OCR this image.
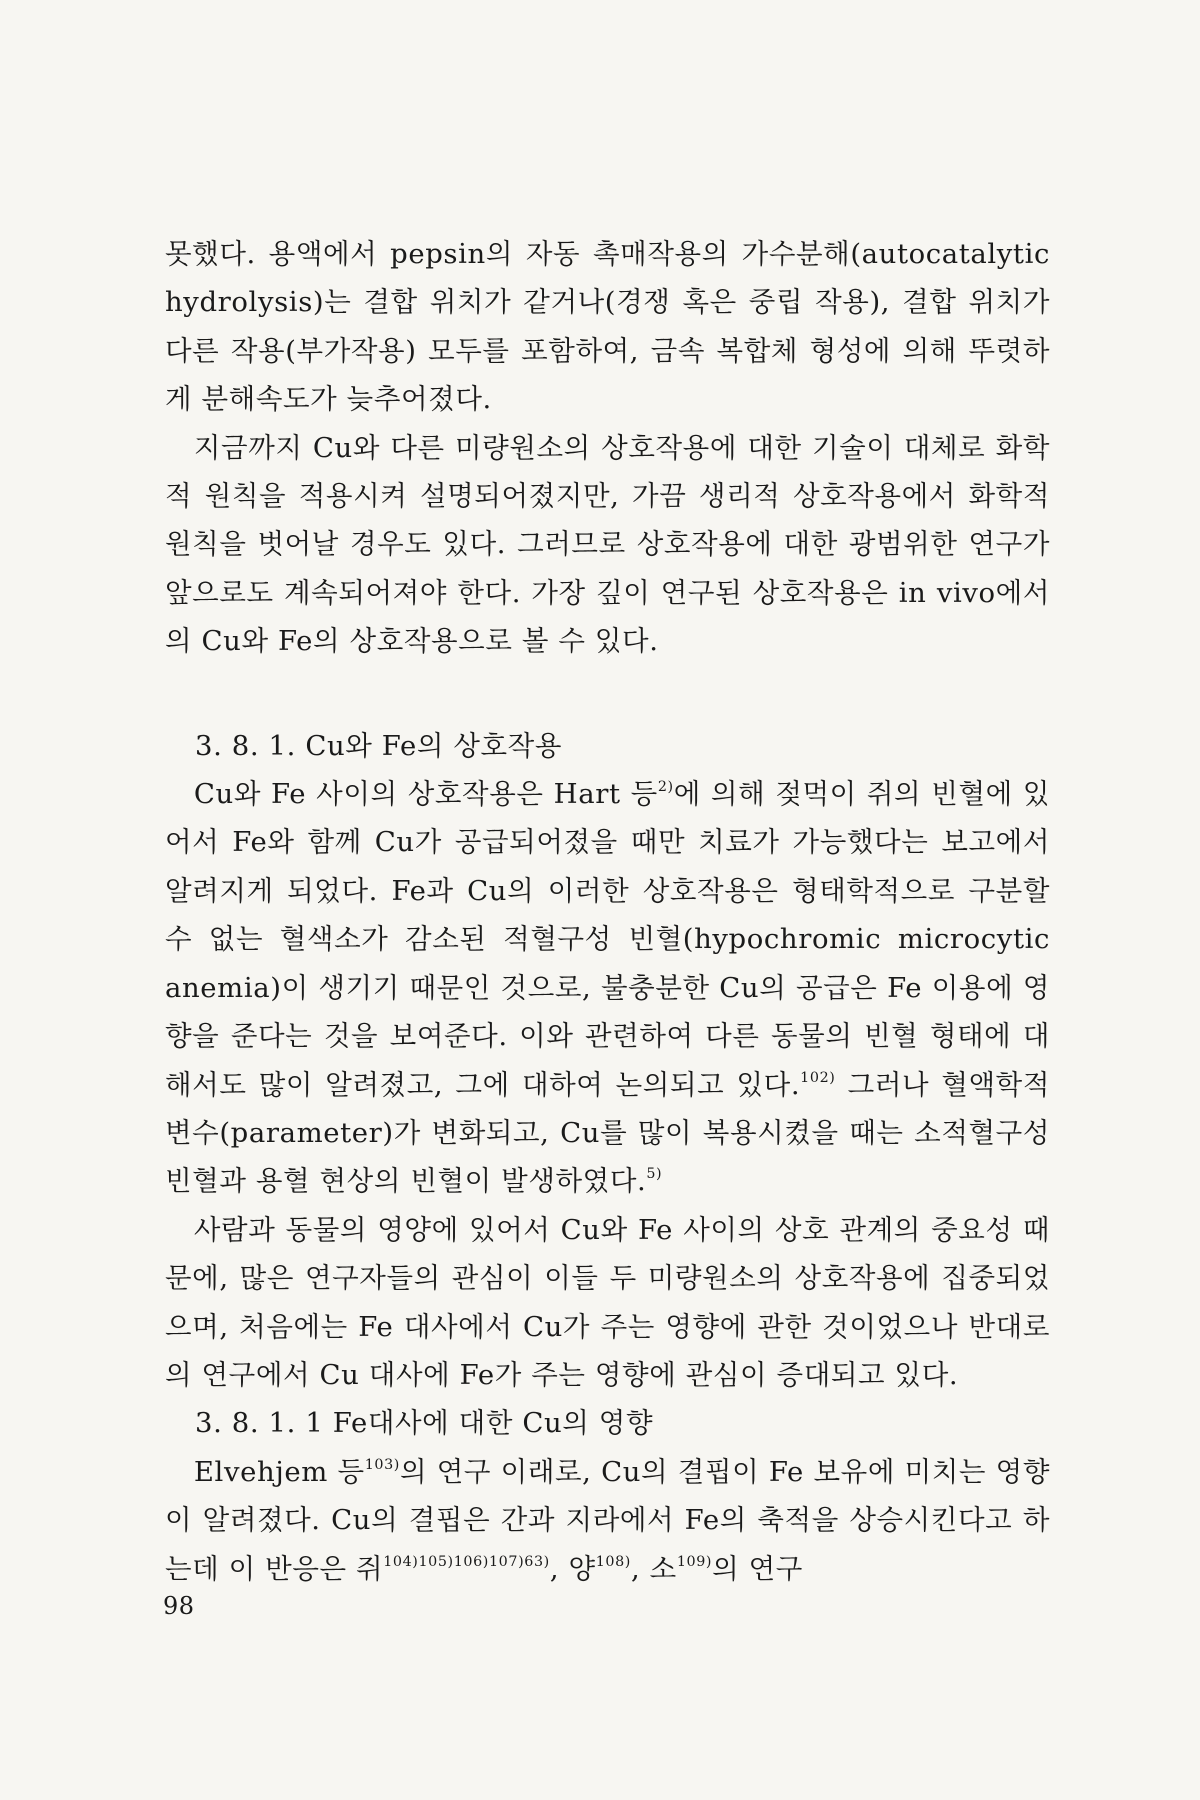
못했다. 용액에서 pepsin의 자동 촉매작용의 가수분해(autocatalytic hydrolysis)는 결합 위치가 같거나(경쟁 혹은 중립 작용), 결합 위치가 다른 작용(부가작용) 모두를 포함하여, 금속 복합체 형성에 의해 뚜렷하게 분해속도가 늦추어졌다.

지금까지 Cu와 다른 미량원소의 상호작용에 대한 기술이 대체로 화학적 원칙을 적용시켜 설명되어졌지만, 가끔 생리적 상호작용에서 화학적 원칙을 벗어날 경우도 있다. 그러므로 상호작용에 대한 광범위한 연구가 앞으로도 계속되어져야 한다. 가장 깊이 연구된 상호작용은 in vivo에서의 Cu와 Fe의 상호작용으로 볼 수 있다.

3. 8. 1. Cu와 Fe의 상호작용

Cu와 Fe 사이의 상호작용은 Hart 등$^{2)}$에 의해 젖먹이 쥐의 빈혈에 있어서 Fe와 함께 Cu가 공급되어졌을 때만 치료가 가능했다는 보고에서 알려지게 되었다. Fe과 Cu의 이러한 상호작용은 형태학적으로 구분할 수 없는 혈색소가 감소된 적혈구성 빈혈(hypochromic microcytic anemia)이 생기기 때문인 것으로, 불충분한 Cu의 공급은 Fe 이용에 영향을 준다는 것을 보여준다. 이와 관련하여 다른 동물의 빈혈 형태에 대해서도 많이 알려졌고, 그에 대하여 논의되고 있다.$^{102)}$ 그러나 혈액학적 변수(parameter)가 변화되고, Cu를 많이 복용시켰을 때는 소적혈구성 빈혈과 용혈 현상의 빈혈이 발생하였다.$^{5)}$

사람과 동물의 영양에 있어서 Cu와 Fe 사이의 상호 관계의 중요성 때문에, 많은 연구자들의 관심이 이들 두 미량원소의 상호작용에 집중되었으며, 처음에는 Fe 대사에서 Cu가 주는 영향에 관한 것이었으나 반대로의 연구에서 Cu 대사에 Fe가 주는 영향에 관심이 증대되고 있다.

3. 8. 1. 1 Fe대사에 대한 Cu의 영향

Elvehjem 등$^{103)}$의 연구 이래로, Cu의 결핍이 Fe 보유에 미치는 영향이 알려졌다. Cu의 결핍은 간과 지라에서 Fe의 축적을 상승시킨다고 하는데 이 반응은 쥐$^{104)105)106)107)63)}$, 양$^{108)}$, 소$^{109)}$의 연구

98
